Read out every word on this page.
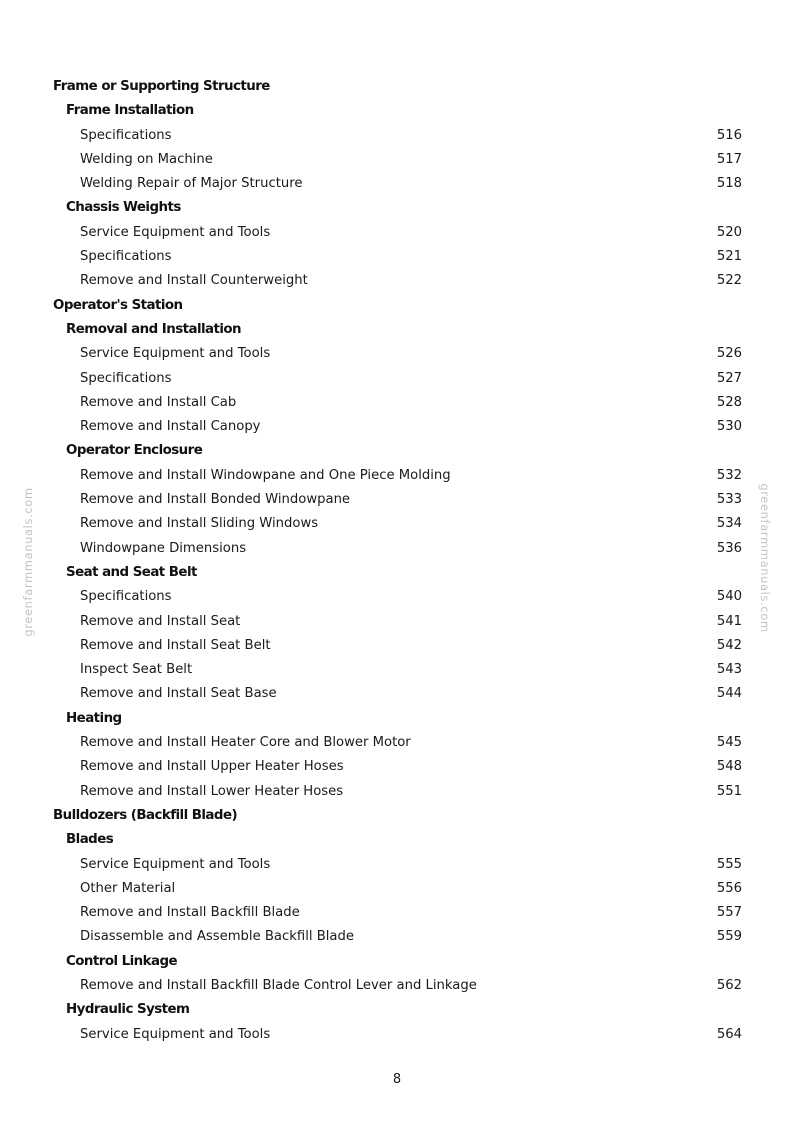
Frame or Supporting Structure
Frame Installation
Specifications	516
Welding on Machine	517
Welding Repair of Major Structure	518
Chassis Weights
Service Equipment and Tools	520
Specifications	521
Remove and Install Counterweight	522
Operator's Station
Removal and Installation
Service Equipment and Tools	526
Specifications	527
Remove and Install Cab	528
Remove and Install Canopy	530
Operator Enclosure
Remove and Install Windowpane and One Piece Molding	532
Remove and Install Bonded Windowpane	533
Remove and Install Sliding Windows	534
Windowpane Dimensions	536
Seat and Seat Belt
Specifications	540
Remove and Install Seat	541
Remove and Install Seat Belt	542
Inspect Seat Belt	543
Remove and Install Seat Base	544
Heating
Remove and Install Heater Core and Blower Motor	545
Remove and Install Upper Heater Hoses	548
Remove and Install Lower Heater Hoses	551
Bulldozers (Backfill Blade)
Blades
Service Equipment and Tools	555
Other Material	556
Remove and Install Backfill Blade	557
Disassemble and Assemble Backfill Blade	559
Control Linkage
Remove and Install Backfill Blade Control Lever and Linkage	562
Hydraulic System
Service Equipment and Tools	564
8
greenfarmmanuals.com	greenfarmmanuals.com
